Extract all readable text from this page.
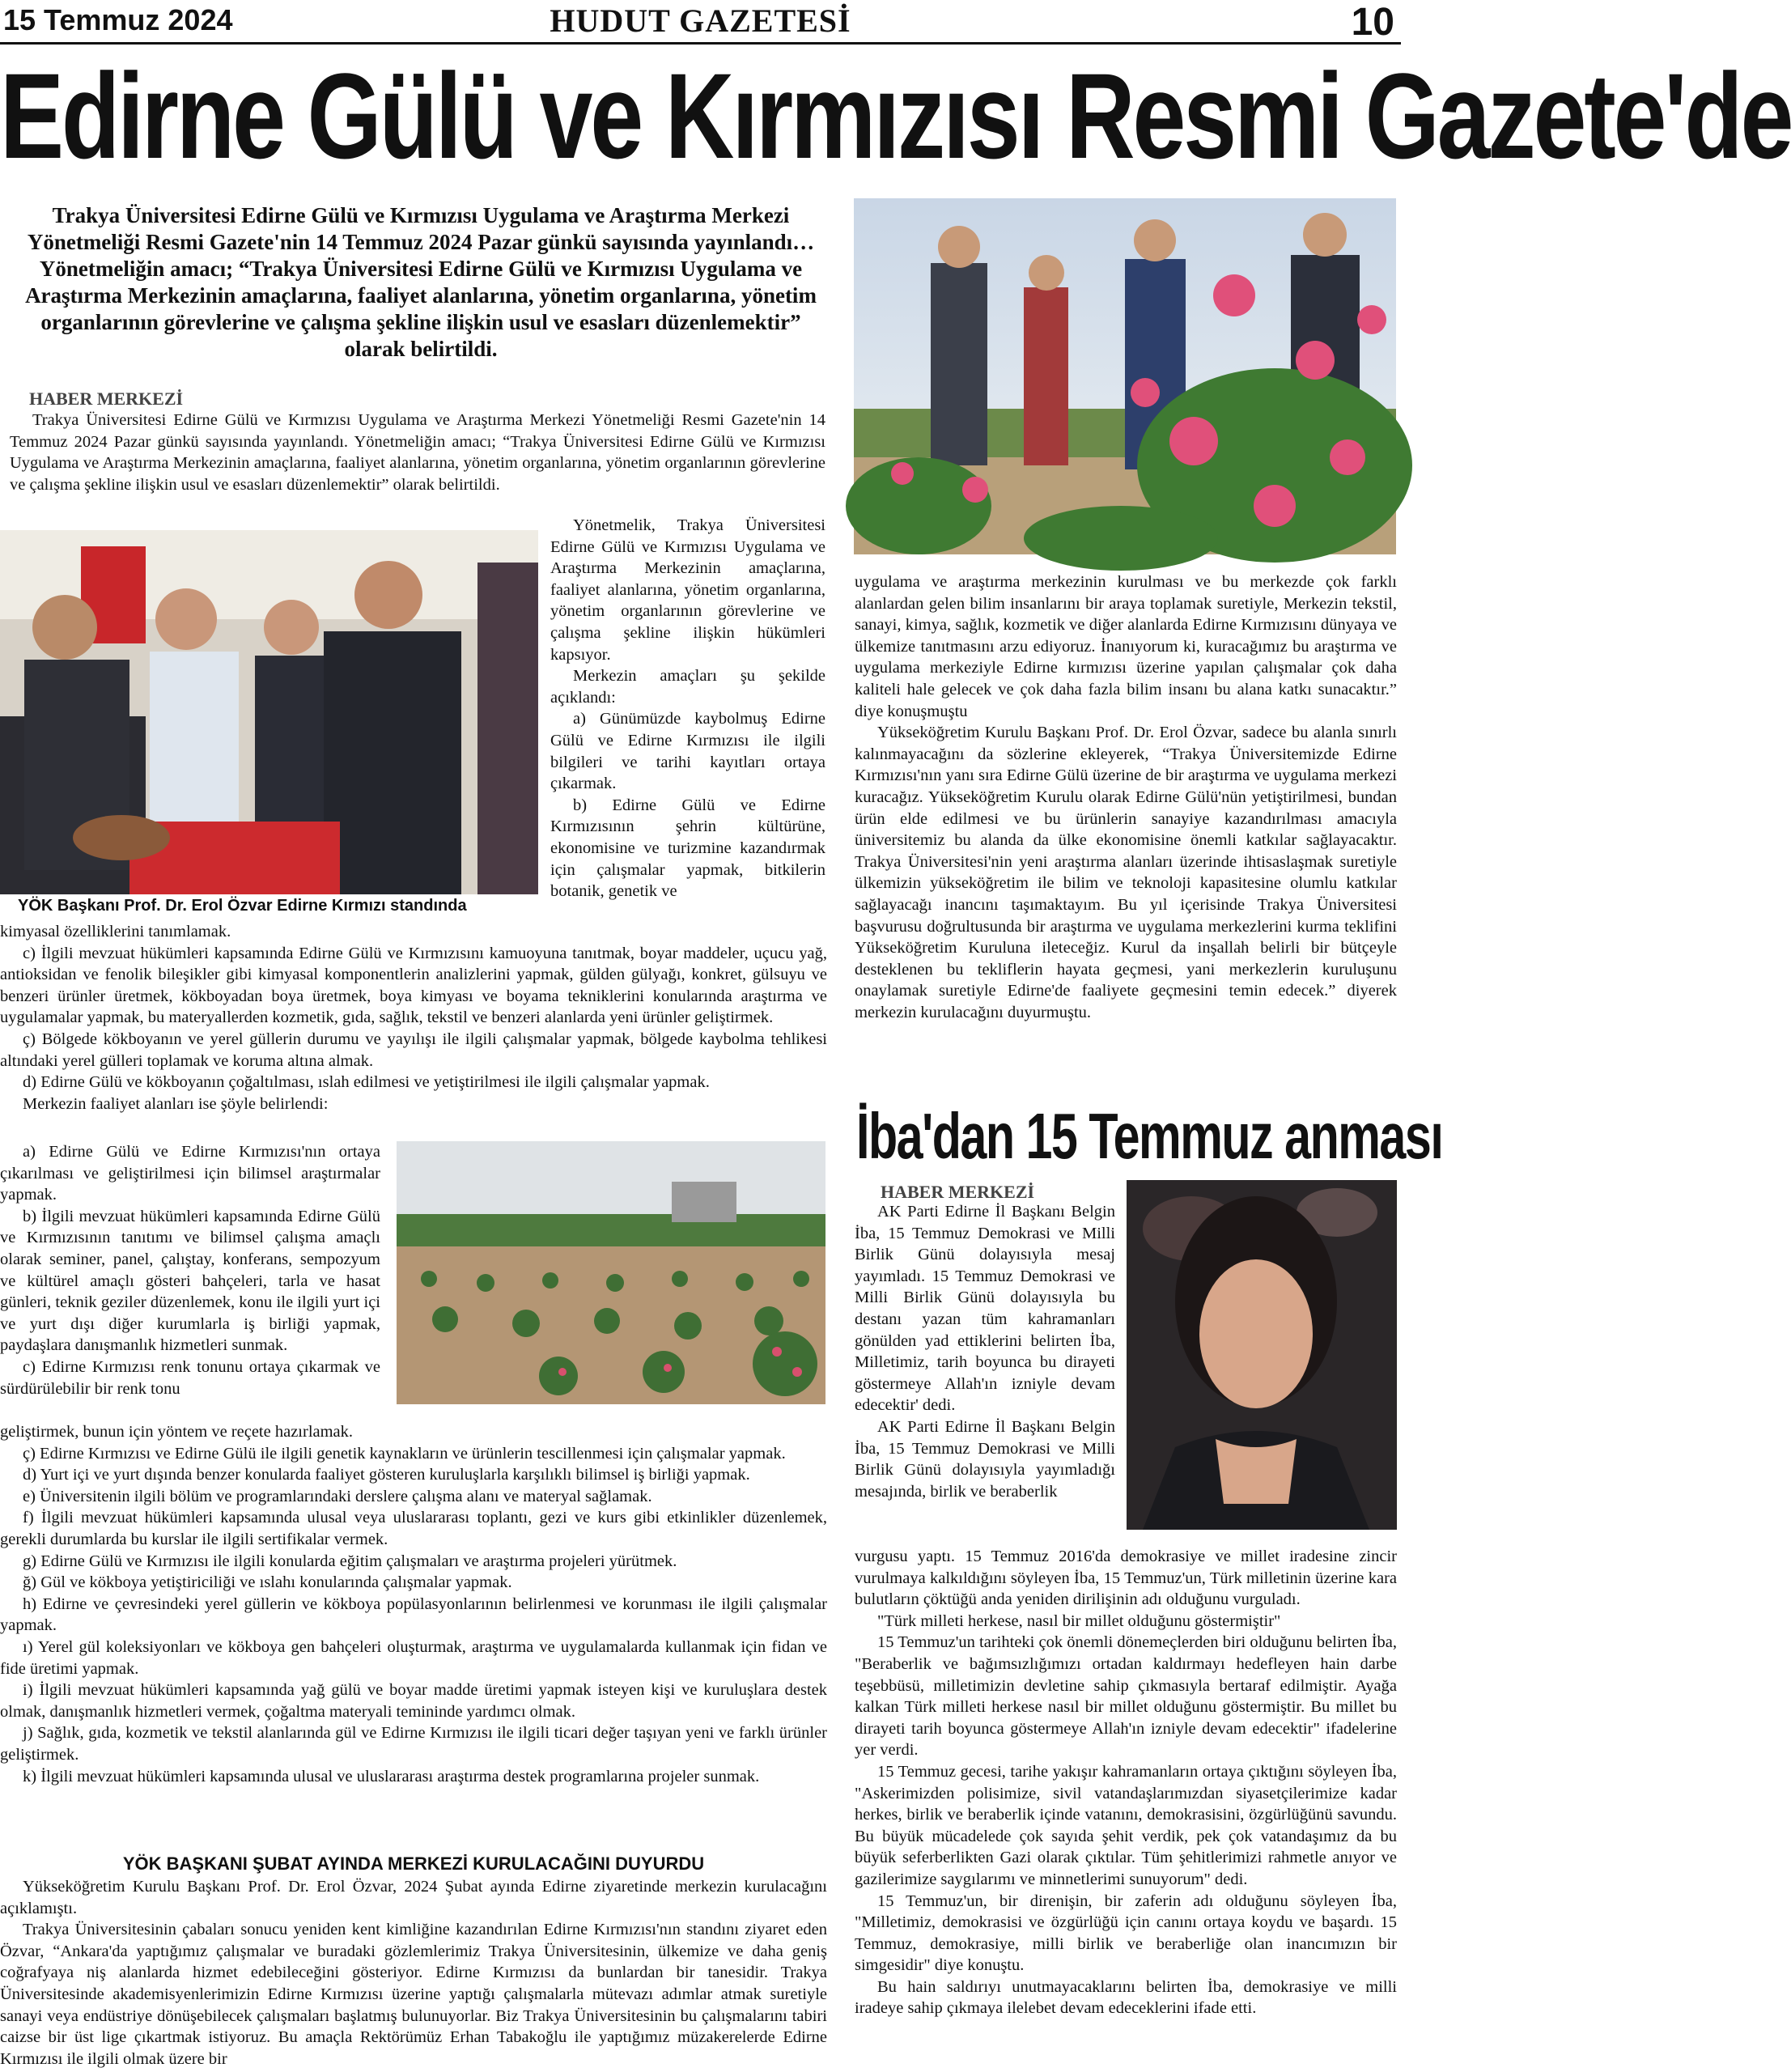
HUDUT GAZETESİ
15 Temmuz 2024	10
Edirne Gülü ve Kırmızısı Resmi Gazete'de
Trakya Üniversitesi Edirne Gülü ve Kırmızısı Uygulama ve Araştırma Merkezi Yönetmeliği Resmi Gazete'nin 14 Temmuz 2024 Pazar günkü sayısında yayınlandı… Yönetmeliğin amacı; “Trakya Üniversitesi Edirne Gülü ve Kırmızısı Uygulama ve Araştırma Merkezinin amaçlarına, faaliyet alanlarına, yönetim organlarına, yönetim organlarının görevlerine ve çalışma şekline ilişkin usul ve esasları düzenlemektir” olarak belirtildi.
HABER MERKEZİ
Trakya Üniversitesi Edirne Gülü ve Kırmızısı Uygulama ve Araştırma Merkezi Yönetmeliği Resmi Gazete'nin 14 Temmuz 2024 Pazar günkü sayısında yayınlandı. Yönetmeliğin amacı; “Trakya Üniversitesi Edirne Gülü ve Kırmızısı Uygulama ve Araştırma Merkezinin amaçlarına, faaliyet alanlarına, yönetim organlarına, yönetim organlarının görevlerine ve çalışma şekline ilişkin usul ve esasları düzenlemektir” olarak belirtildi.
YÖK Başkanı Prof. Dr. Erol Özvar Edirne Kırmızı standında

Yönetmelik, Trakya Üniversitesi Edirne Gülü ve Kırmızısı Uygulama ve Araştırma Merkezinin amaçlarına, faaliyet alanlarına, yönetim organlarına, yönetim organlarının görevlerine ve çalışma şekline ilişkin hükümleri kapsıyor.

Merkezin amaçları şu şekilde açıklandı:

a) Günümüzde kaybolmuş Edirne Gülü ve Edirne Kırmızısı ile ilgili bilgileri ve tarihi kayıtları ortaya çıkarmak.

b) Edirne Gülü ve Edirne Kırmızısının şehrin kültürüne, ekonomisine ve turizmine kazandırmak için çalışmalar yapmak, bitkilerin botanik, genetik ve

kimyasal özelliklerini tanımlamak.

c) İlgili mevzuat hükümleri kapsamında Edirne Gülü ve Kırmızısını kamuoyuna tanıtmak, boyar maddeler, uçucu yağ, antioksidan ve fenolik bileşikler gibi kimyasal komponentlerin analizlerini yapmak, gülden gülyağı, konkret, gülsuyu ve benzeri ürünler üretmek, kökboyadan boya üretmek, boya kimyası ve boyama tekniklerini konularında araştırma ve uygulamalar yapmak, bu materyallerden kozmetik, gıda, sağlık, tekstil ve benzeri alanlarda yeni ürünler geliştirmek.

ç) Bölgede kökboyanın ve yerel güllerin durumu ve yayılışı ile ilgili çalışmalar yapmak, bölgede kaybolma tehlikesi altındaki yerel gülleri toplamak ve koruma altına almak.

d) Edirne Gülü ve kökboyanın çoğaltılması, ıslah edilmesi ve yetiştirilmesi ile ilgili çalışmalar yapmak.

Merkezin faaliyet alanları ise şöyle belirlendi:

a) Edirne Gülü ve Edirne Kırmızısı'nın ortaya çıkarılması ve geliştirilmesi için bilimsel araştırmalar yapmak.

b) İlgili mevzuat hükümleri kapsamında Edirne Gülü ve Kırmızısının tanıtımı ve bilimsel çalışma amaçlı olarak seminer, panel, çalıştay, konferans, sempozyum ve kültürel amaçlı gösteri bahçeleri, tarla ve hasat günleri, teknik geziler düzenlemek, konu ile ilgili yurt içi ve yurt dışı diğer kurumlarla iş birliği yapmak, paydaşlara danışmanlık hizmetleri sunmak.

c) Edirne Kırmızısı renk tonunu ortaya çıkarmak ve sürdürülebilir bir renk tonu

geliştirmek, bunun için yöntem ve reçete hazırlamak.

ç) Edirne Kırmızısı ve Edirne Gülü ile ilgili genetik kaynakların ve ürünlerin tescillenmesi için çalışmalar yapmak.

d) Yurt içi ve yurt dışında benzer konularda faaliyet gösteren kuruluşlarla karşılıklı bilimsel iş birliği yapmak.

e) Üniversitenin ilgili bölüm ve programlarındaki derslere çalışma alanı ve materyal sağlamak.

f) İlgili mevzuat hükümleri kapsamında ulusal veya uluslararası toplantı, gezi ve kurs gibi etkinlikler düzenlemek, gerekli durumlarda bu kurslar ile ilgili sertifikalar vermek.

g) Edirne Gülü ve Kırmızısı ile ilgili konularda eğitim çalışmaları ve araştırma projeleri yürütmek.

ğ) Gül ve kökboya yetiştiriciliği ve ıslahı konularında çalışmalar yapmak.

h) Edirne ve çevresindeki yerel güllerin ve kökboya popülasyonlarının belirlenmesi ve korunması ile ilgili çalışmalar yapmak.

ı) Yerel gül koleksiyonları ve kökboya gen bahçeleri oluşturmak, araştırma ve uygulamalarda kullanmak için fidan ve fide üretimi yapmak.

i) İlgili mevzuat hükümleri kapsamında yağ gülü ve boyar madde üretimi yapmak isteyen kişi ve kuruluşlara destek olmak, danışmanlık hizmetleri vermek, çoğaltma materyali temininde yardımcı olmak.

j) Sağlık, gıda, kozmetik ve tekstil alanlarında gül ve Edirne Kırmızısı ile ilgili ticari değer taşıyan yeni ve farklı ürünler geliştirmek.

k) İlgili mevzuat hükümleri kapsamında ulusal ve uluslararası araştırma destek programlarına projeler sunmak.

YÖK BAŞKANI ŞUBAT AYINDA MERKEZİ KURULACAĞINI DUYURDU

Yükseköğretim Kurulu Başkanı Prof. Dr. Erol Özvar, 2024 Şubat ayında Edirne ziyaretinde merkezin kurulacağını açıklamıştı.

Trakya Üniversitesinin çabaları sonucu yeniden kent kimliğine kazandırılan Edirne Kırmızısı'nın standını ziyaret eden Özvar, “Ankara'da yaptığımız çalışmalar ve buradaki gözlemlerimiz Trakya Üniversitesinin, ülkemize ve daha geniş coğrafyaya niş alanlarda hizmet edebileceğini gösteriyor. Edirne Kırmızısı da bunlardan bir tanesidir. Trakya Üniversitesinde akademisyenlerimizin Edirne Kırmızısı üzerine yaptığı çalışmalarla mütevazı adımlar atmak suretiyle sanayi veya endüstriye dönüşebilecek çalışmaları başlatmış bulunuyorlar. Biz Trakya Üniversitesinin bu çalışmalarını tabiri caizse bir üst lige çıkartmak istiyoruz. Bu amaçla Rektörümüz Erhan Tabakoğlu ile yaptığımız müzakerelerde Edirne Kırmızısı ile ilgili olmak üzere bir

uygulama ve araştırma merkezinin kurulması ve bu merkezde çok farklı alanlardan gelen bilim insanlarını bir araya toplamak suretiyle, Merkezin tekstil, sanayi, kimya, sağlık, kozmetik ve diğer alanlarda Edirne Kırmızısını dünyaya ve ülkemize tanıtmasını arzu ediyoruz. İnanıyorum ki, kuracağımız bu araştırma ve uygulama merkeziyle Edirne kırmızısı üzerine yapılan çalışmalar çok daha kaliteli hale gelecek ve çok daha fazla bilim insanı bu alana katkı sunacaktır.” diye konuşmuştu

Yükseköğretim Kurulu Başkanı Prof. Dr. Erol Özvar, sadece bu alanla sınırlı kalınmayacağını da sözlerine ekleyerek, “Trakya Üniversitemizde Edirne Kırmızısı'nın yanı sıra Edirne Gülü üzerine de bir araştırma ve uygulama merkezi kuracağız. Yükseköğretim Kurulu olarak Edirne Gülü'nün yetiştirilmesi, bundan ürün elde edilmesi ve bu ürünlerin sanayiye kazandırılması amacıyla üniversitemiz bu alanda da ülke ekonomisine önemli katkılar sağlayacaktır. Trakya Üniversitesi'nin yeni araştırma alanları üzerinde ihtisaslaşmak suretiyle ülkemizin yükseköğretim ile bilim ve teknoloji kapasitesine olumlu katkılar sağlayacağı inancını taşımaktayım. Bu yıl içerisinde Trakya Üniversitesi başvurusu doğrultusunda bir araştırma ve uygulama merkezlerini kurma teklifini Yükseköğretim Kuruluna ileteceğiz. Kurul da inşallah belirli bir bütçeyle desteklenen bu tekliflerin hayata geçmesi, yani merkezlerin kuruluşunu onaylamak suretiyle Edirne'de faaliyete geçmesini temin edecek.” diyerek merkezin kurulacağını duyurmuştu.

İba'dan 15 Temmuz anması
HABER MERKEZİ

AK Parti Edirne İl Başkanı Belgin İba, 15 Temmuz Demokrasi ve Milli Birlik Günü dolayısıyla mesaj yayımladı. 15 Temmuz Demokrasi ve Milli Birlik Günü dolayısıyla bu destanı yazan tüm kahramanları gönülden yad ettiklerini belirten İba, Milletimiz, tarih boyunca bu dirayeti göstermeye Allah'ın izniyle devam edecektir' dedi.

AK Parti Edirne İl Başkanı Belgin İba, 15 Temmuz Demokrasi ve Milli Birlik Günü dolayısıyla yayımladığı mesajında, birlik ve beraberlik

vurgusu yaptı. 15 Temmuz 2016'da demokrasiye ve millet iradesine zincir vurulmaya kalkıldığını söyleyen İba, 15 Temmuz'un, Türk milletinin üzerine kara bulutların çöktüğü anda yeniden dirilişinin adı olduğunu vurguladı.

"Türk milleti herkese, nasıl bir millet olduğunu göstermiştir"

15 Temmuz'un tarihteki çok önemli dönemeçlerden biri olduğunu belirten İba, "Beraberlik ve bağımsızlığımızı ortadan kaldırmayı hedefleyen hain darbe teşebbüsü, milletimizin devletine sahip çıkmasıyla bertaraf edilmiştir. Ayağa kalkan Türk milleti herkese nasıl bir millet olduğunu göstermiştir. Bu millet bu dirayeti tarih boyunca göstermeye Allah'ın izniyle devam edecektir" ifadelerine yer verdi.

15 Temmuz gecesi, tarihe yakışır kahramanların ortaya çıktığını söyleyen İba, "Askerimizden polisimize, sivil vatandaşlarımızdan siyasetçilerimize kadar herkes, birlik ve beraberlik içinde vatanını, demokrasisini, özgürlüğünü savundu. Bu büyük mücadelede çok sayıda şehit verdik, pek çok vatandaşımız da bu büyük seferberlikten Gazi olarak çıktılar. Tüm şehitlerimizi rahmetle anıyor ve gazilerimize saygılarımı ve minnetlerimi sunuyorum" dedi.

15 Temmuz'un, bir direnişin, bir zaferin adı olduğunu söyleyen İba, "Milletimiz, demokrasisi ve özgürlüğü için canını ortaya koydu ve başardı. 15 Temmuz, demokrasiye, milli birlik ve beraberliğe olan inancımızın bir simgesidir" diye konuştu.

Bu hain saldırıyı unutmayacaklarını belirten İba, demokrasiye ve milli iradeye sahip çıkmaya ilelebet devam edeceklerini ifade etti.
